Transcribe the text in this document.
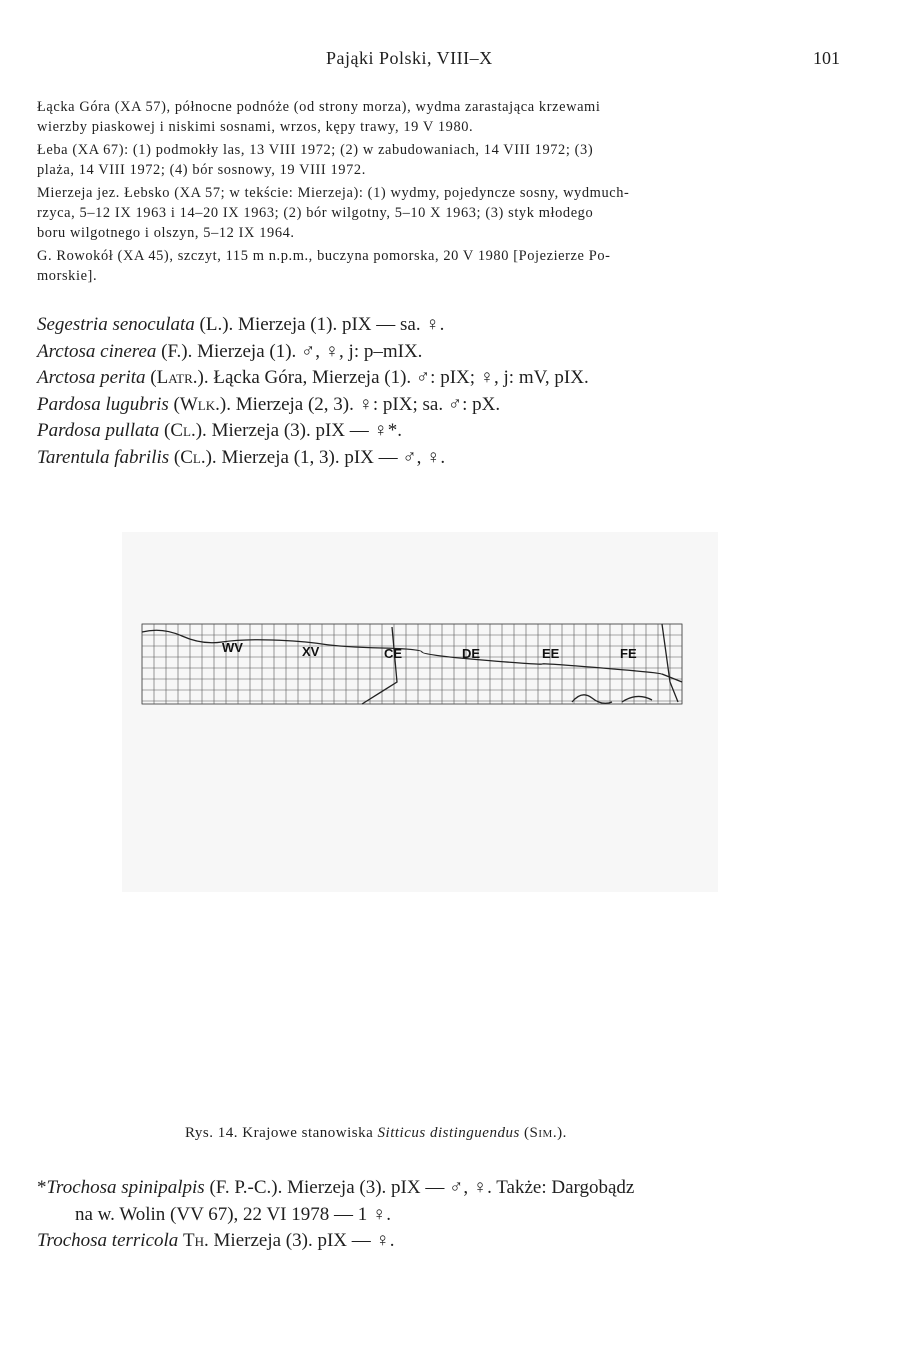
Pająki Polski, VIII–X	101

Łącka Góra (XA 57), północne podnóże (od strony morza), wydma zarastająca krzewami

wierzby piaskowej i niskimi sosnami, wrzos, kępy trawy, 19 V 1980.

Łeba (XA 67): (1) podmokły las, 13 VIII 1972; (2) w zabudowaniach, 14 VIII 1972; (3)

plaża, 14 VIII 1972; (4) bór sosnowy, 19 VIII 1972.

Mierzeja jez. Łebsko (XA 57; w tekście: Mierzeja): (1) wydmy, pojedyncze sosny, wydmuch-

rzyca, 5–12 IX 1963 i 14–20 IX 1963; (2) bór wilgotny, 5–10 X 1963; (3) styk młodego

boru wilgotnego i olszyn, 5–12 IX 1964.

G. Rowokół (XA 45), szczyt, 115 m n.p.m., buczyna pomorska, 20 V 1980 [Pojezierze Po-

morskie].

Segestria senoculata (L.). Mierzeja (1). pIX — sa. ♀.

Arctosa cinerea (F.). Mierzeja (1). ♂, ♀, j: p–mIX.

Arctosa perita (Latr.). Łącka Góra, Mierzeja (1). ♂: pIX; ♀, j: mV, pIX.

Pardosa lugubris (Wlk.). Mierzeja (2, 3). ♀: pIX; sa. ♂: pX.

Pardosa pullata (Cl.). Mierzeja (3). pIX — ♀*.

Tarentula fabrilis (Cl.). Mierzeja (1, 3). pIX — ♂, ♀.

WV	XV	CE	DE	EE	FE
Rys. 14. Krajowe stanowiska Sitticus distinguendus (Sim.).

*Trochosa spinipalpis (F. P.-C.). Mierzeja (3). pIX — ♂, ♀. Także: Dargobądz

na w. Wolin (VV 67), 22 VI 1978 — 1 ♀.

Trochosa terricola Th. Mierzeja (3). pIX — ♀.
